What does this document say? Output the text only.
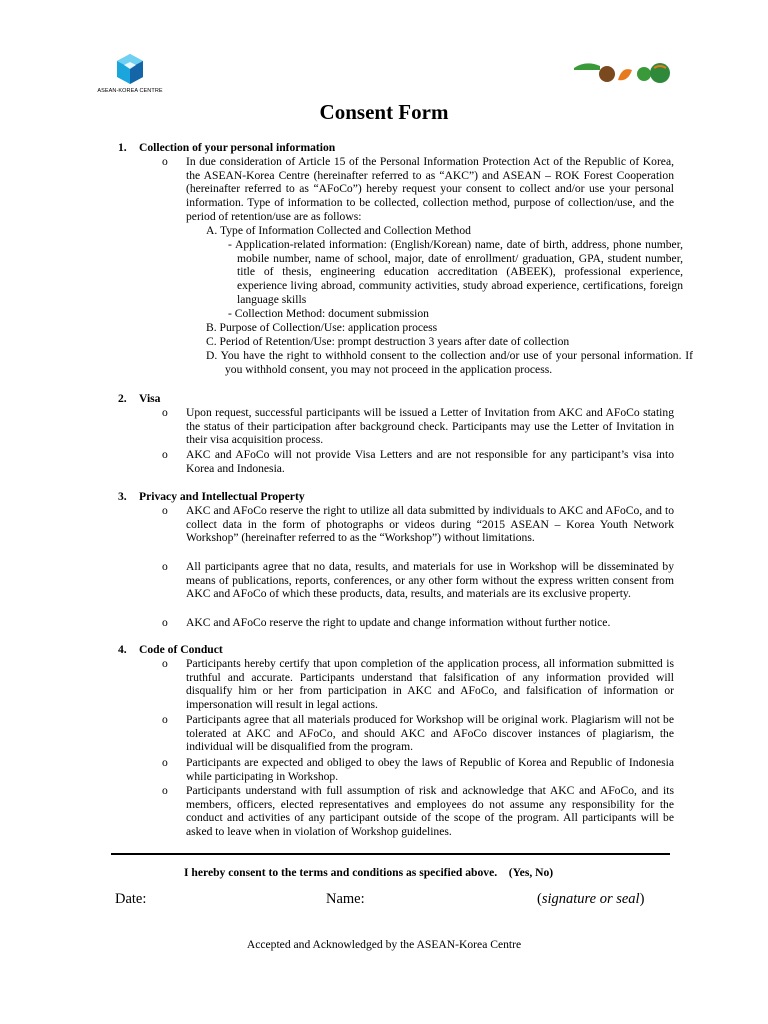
ASEAN-KOREA CENTRE
Consent Form
1. Collection of your personal information
o In due consideration of Article 15 of the Personal Information Protection Act of the Republic of Korea, the ASEAN-Korea Centre (hereinafter referred to as “AKC”) and ASEAN – ROK Forest Cooperation (hereinafter referred to as “AFoCo”) hereby request your consent to collect and/or use your personal information. Type of information to be collected, collection method, purpose of collection/use, and the period of retention/use are as follows:
A. Type of Information Collected and Collection Method
- Application-related information: (English/Korean) name, date of birth, address, phone number, mobile number, name of school, major, date of enrollment/ graduation, GPA, student number, title of thesis, engineering education accreditation (ABEEK), professional experience, experience living abroad, community activities, study abroad experience, certifications, foreign language skills
- Collection Method: document submission
B. Purpose of Collection/Use: application process
C. Period of Retention/Use: prompt destruction 3 years after date of collection
D. You have the right to withhold consent to the collection and/or use of your personal information. If you withhold consent, you may not proceed in the application process.
2. Visa
o Upon request, successful participants will be issued a Letter of Invitation from AKC and AFoCo stating the status of their participation after background check. Participants may use the Letter of Invitation in their visa acquisition process.
o AKC and AFoCo will not provide Visa Letters and are not responsible for any participant’s visa into Korea and Indonesia.
3. Privacy and Intellectual Property
o AKC and AFoCo reserve the right to utilize all data submitted by individuals to AKC and AFoCo, and to collect data in the form of photographs or videos during “2015 ASEAN – Korea Youth Network Workshop” (hereinafter referred to as the “Workshop”) without limitations.
o All participants agree that no data, results, and materials for use in Workshop will be disseminated by means of publications, reports, conferences, or any other form without the express written consent from AKC and AFoCo of which these products, data, results, and materials are its exclusive property.
o AKC and AFoCo reserve the right to update and change information without further notice.
4. Code of Conduct
o Participants hereby certify that upon completion of the application process, all information submitted is truthful and accurate. Participants understand that falsification of any information provided will disqualify him or her from participation in AKC and AFoCo, and falsification of information or impersonation will result in legal actions.
o Participants agree that all materials produced for Workshop will be original work. Plagiarism will not be tolerated at AKC and AFoCo, and should AKC and AFoCo discover instances of plagiarism, the individual will be disqualified from the program.
o Participants are expected and obliged to obey the laws of Republic of Korea and Republic of Indonesia while participating in Workshop.
o Participants understand with full assumption of risk and acknowledge that AKC and AFoCo, and its members, officers, elected representatives and employees do not assume any responsibility for the conduct and activities of any participant outside of the scope of the program. All participants will be asked to leave when in violation of Workshop guidelines.
I hereby consent to the terms and conditions as specified above. (Yes, No)
Date:	Name:	(signature or seal)
Accepted and Acknowledged by the ASEAN-Korea Centre
